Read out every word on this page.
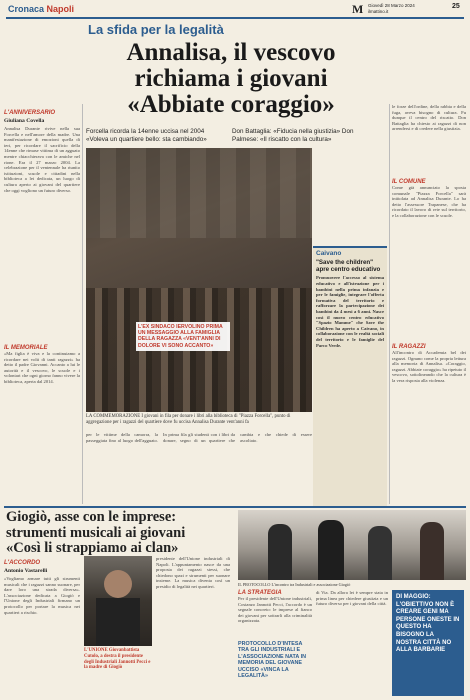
Cronaca Napoli	M Giovedì 28 Marzo 2024
ilmattino.it
25
La sfida per la legalità
L'ANNIVERSARIO
Giuliana Covella
Annalisa Durante rivive nella sua Forcella e nell'amore della madre. Una manifestazione di emozioni quella di ieri, per ricordare il sacrificio della 14enne che rimase vittima di un agguato mentre chiacchierava con le amiche nel rione. Era il 27 marzo 2004. La celebrazione per il ventennale ha riunito istituzioni, scuole e cittadini nella biblioteca a lei dedicata, un luogo di cultura aperto ai giovani del quartiere che oggi vogliono un futuro diverso.
IL MEMORIALE
«Ma figlia è viva e la continuiamo a ricordare nei volti di tanti ragazzi» ha detto il padre Giovanni. Accanto a lui le autorità e il vescovo, le scuole e i volontari che ogni giorno fanno vivere la biblioteca, aperta dal 2014.
Annalisa, il vescovo
richiama i giovani
«Abbiate coraggio»
Forcella ricorda la 14enne uccisa nel 2004 «Voleva un quartiere bello: sta cambiando»
Don Battaglia: «Fiducia nella giustizia» Don Palmese: «Il riscatto con la cultura»
L'EX SINDACO IERVOLINO PRIMA UN MESSAGGIO ALLA FAMIGLIA DELLA RAGAZZA «VENT'ANNI DI DOLORE VI SONO ACCANTO»
LA COMMEMORAZIONE I giovani in fila per donare i libri alla biblioteca di "Piazza Forcella", punto di aggregazione per i ragazzi del quartiere dove fu uccisa Annalisa Durante vent'anni fa
per le vittime della camorra, la passeggiata fino al luogo dell'agguato. In prima fila gli studenti con i libri da donare, segno di un quartiere che cambia e che chiede di essere ascoltato.
le forze dell'ordine, della rabbia e della fuga, aveva bisogno di cultura. Fu dunque il centro del riscatto. Don Battaglia ha chiesto ai ragazzi di non arrendersi e di credere nella giustizia.
IL COMUNE
Come già annunciato la sposta comunale "Piazza Forcella" sarà intitolata ad Annalisa Durante. Lo ha detto l'assessore Trapanese, che ha ricordato il lavoro di rete sul territorio, e la collaborazione con le scuole.
IL RAGAZZI
All'incontro di Accademia bel dei ragazzi. Ognuno come la propria lettura alla memoria di Annalisa. «Coraggio, ragazzi. Abbiate coraggio» ha ripetuto il vescovo, sottolineando che la cultura è la vera risposta alla violenza.
Caivano
"Save the children" apre centro educativo
Promuovere l'accesso al sistema educativo e all'istruzione per i bambini nella prima infanzia e per le famiglie, integrare l'offerta formativa del territorio e rafforzare la partecipazione dei bambini da 4 mesi a 6 anni. Nasce così il nuovo centro educativo "Spazio Mamme" che Save the Children ha aperto a Caivano, in collaborazione con le realtà sociali del territorio e le famiglie del Parco Verde.
Giogiò, asse con le imprese:
strumenti musicali ai giovani
«Così li strappiamo ai clan»
L'ACCORDO
Antonio Vastarelli
«Vogliamo armare tutti gli strumenti musicali che i ragazzi sanno suonare, per dare loro una strada diversa». L'associazione dedicata a Giogiò e l'Unione degli Industriali firmano un protocollo per portare la musica nei quartieri a rischio.
L'UNIONE Giovanbattista Cutolo, a destra il presidente degli Industriali Jannotti Pecci e la madre di Giogiò
presidente dell'Unione industriali di Napoli. L'appuntamento nasce da una proposta dei ragazzi stessi, che chiedono spazi e strumenti per suonare insieme. La musica diventa così un presidio di legalità nei quartieri.	IL PROTOCOLLO L'incontro tra Industriali e associazione Giogiò
LA STRATEGIA
Per il presidente dell'Unione industriali, Costanzo Jannotti Pecci, l'accordo è un segnale concreto: le imprese al fianco dei giovani per sottrarli alla criminalità organizzata.
PROTOCOLLO D'INTESA TRA GLI INDUSTRIALI E L'ASSOCIAZIONE NATA IN MEMORIA DEL GIOVANE UCCISO «VINCA LA LEGALITÀ»
di Via. Da allora lei è sempre stata in prima linea per chiedere giustizia e un futuro diverso per i giovani della città.
DI MAGGIO: L'OBIETTIVO NON È CREARE GENI MA PERSONE ONESTE IN QUESTO HA BISOGNO LA NOSTRA CITTÀ NO ALLA BARBARIE
